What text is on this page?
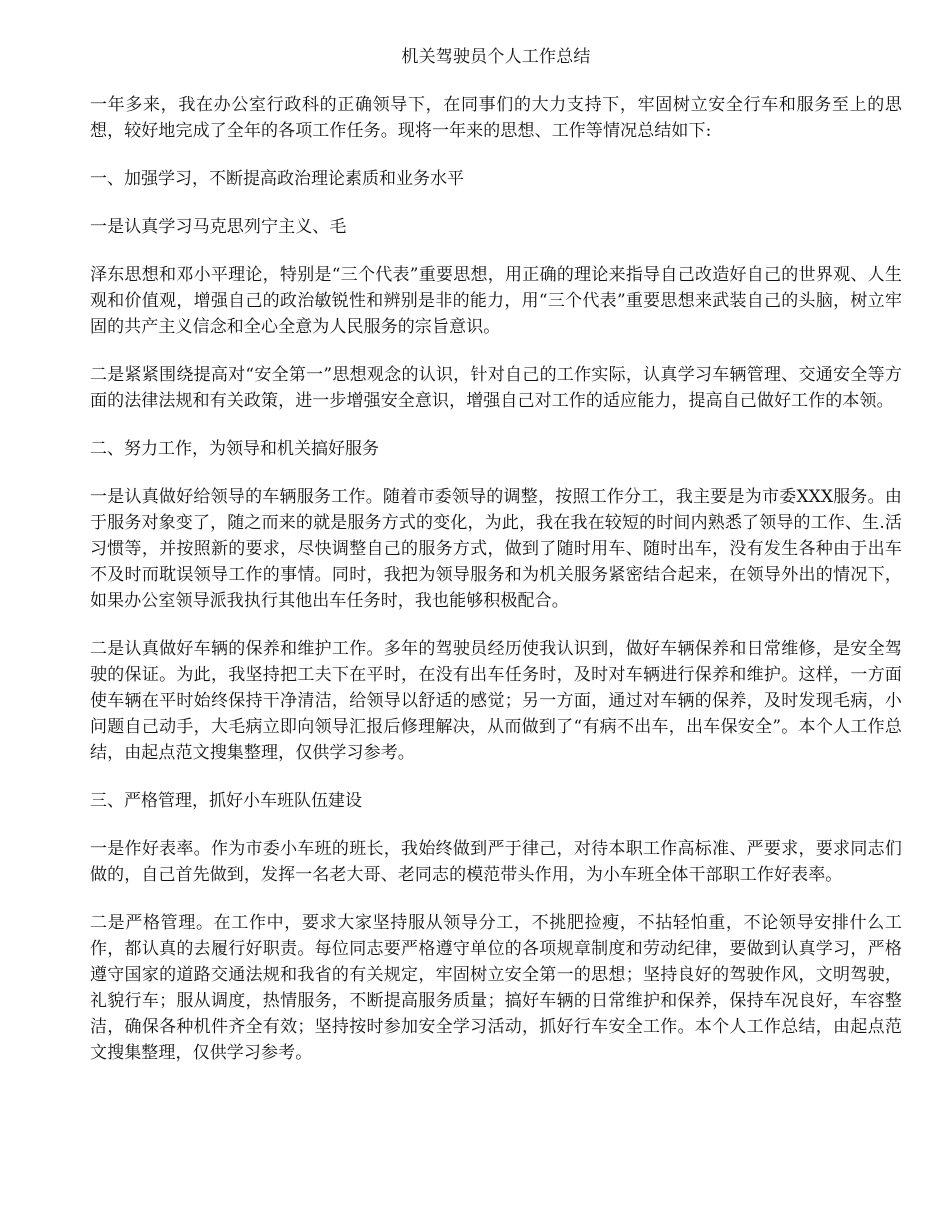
机关驾驶员个人工作总结

一年多来，我在办公室行政科的正确领导下，在同事们的大力支持下，牢固树立安全行车和服务至上的思想，较好地完成了全年的各项工作任务。现将一年来的思想、工作等情况总结如下:

一、加强学习，不断提高政治理论素质和业务水平

一是认真学习马克思列宁主义、毛

泽东思想和邓小平理论，特别是“三个代表”重要思想，用正确的理论来指导自己改造好自己的世界观、人生观和价值观，增强自己的政治敏锐性和辨别是非的能力，用“三个代表”重要思想来武装自己的头脑，树立牢固的共产主义信念和全心全意为人民服务的宗旨意识。

二是紧紧围绕提高对“安全第一”思想观念的认识，针对自己的工作实际，认真学习车辆管理、交通安全等方面的法律法规和有关政策，进一步增强安全意识，增强自己对工作的适应能力，提高自己做好工作的本领。

二、努力工作，为领导和机关搞好服务

一是认真做好给领导的车辆服务工作。随着市委领导的调整，按照工作分工，我主要是为市委XXX服务。由于服务对象变了，随之而来的就是服务方式的变化，为此，我在我在较短的时间内熟悉了领导的工作、生.活习惯等，并按照新的要求，尽快调整自己的服务方式，做到了随时用车、随时出车，没有发生各种由于出车不及时而耽误领导工作的事情。同时，我把为领导服务和为机关服务紧密结合起来，在领导外出的情况下，如果办公室领导派我执行其他出车任务时，我也能够积极配合。

二是认真做好车辆的保养和维护工作。多年的驾驶员经历使我认识到，做好车辆保养和日常维修，是安全驾驶的保证。为此，我坚持把工夫下在平时，在没有出车任务时，及时对车辆进行保养和维护。这样，一方面使车辆在平时始终保持干净清洁，给领导以舒适的感觉；另一方面，通过对车辆的保养，及时发现毛病，小问题自己动手，大毛病立即向领导汇报后修理解决，从而做到了“有病不出车，出车保安全”。本个人工作总结，由起点范文搜集整理，仅供学习参考。

三、严格管理，抓好小车班队伍建设

一是作好表率。作为市委小车班的班长，我始终做到严于律己，对待本职工作高标准、严要求，要求同志们做的，自己首先做到，发挥一名老大哥、老同志的模范带头作用，为小车班全体干部职工作好表率。

二是严格管理。在工作中，要求大家坚持服从领导分工，不挑肥捡瘦，不拈轻怕重，不论领导安排什么工作，都认真的去履行好职责。每位同志要严格遵守单位的各项规章制度和劳动纪律，要做到认真学习，严格遵守国家的道路交通法规和我省的有关规定，牢固树立安全第一的思想；坚持良好的驾驶作风，文明驾驶，礼貌行车；服从调度，热情服务，不断提高服务质量；搞好车辆的日常维护和保养，保持车况良好，车容整洁，确保各种机件齐全有效；坚持按时参加安全学习活动，抓好行车安全工作。本个人工作总结，由起点范文搜集整理，仅供学习参考。
